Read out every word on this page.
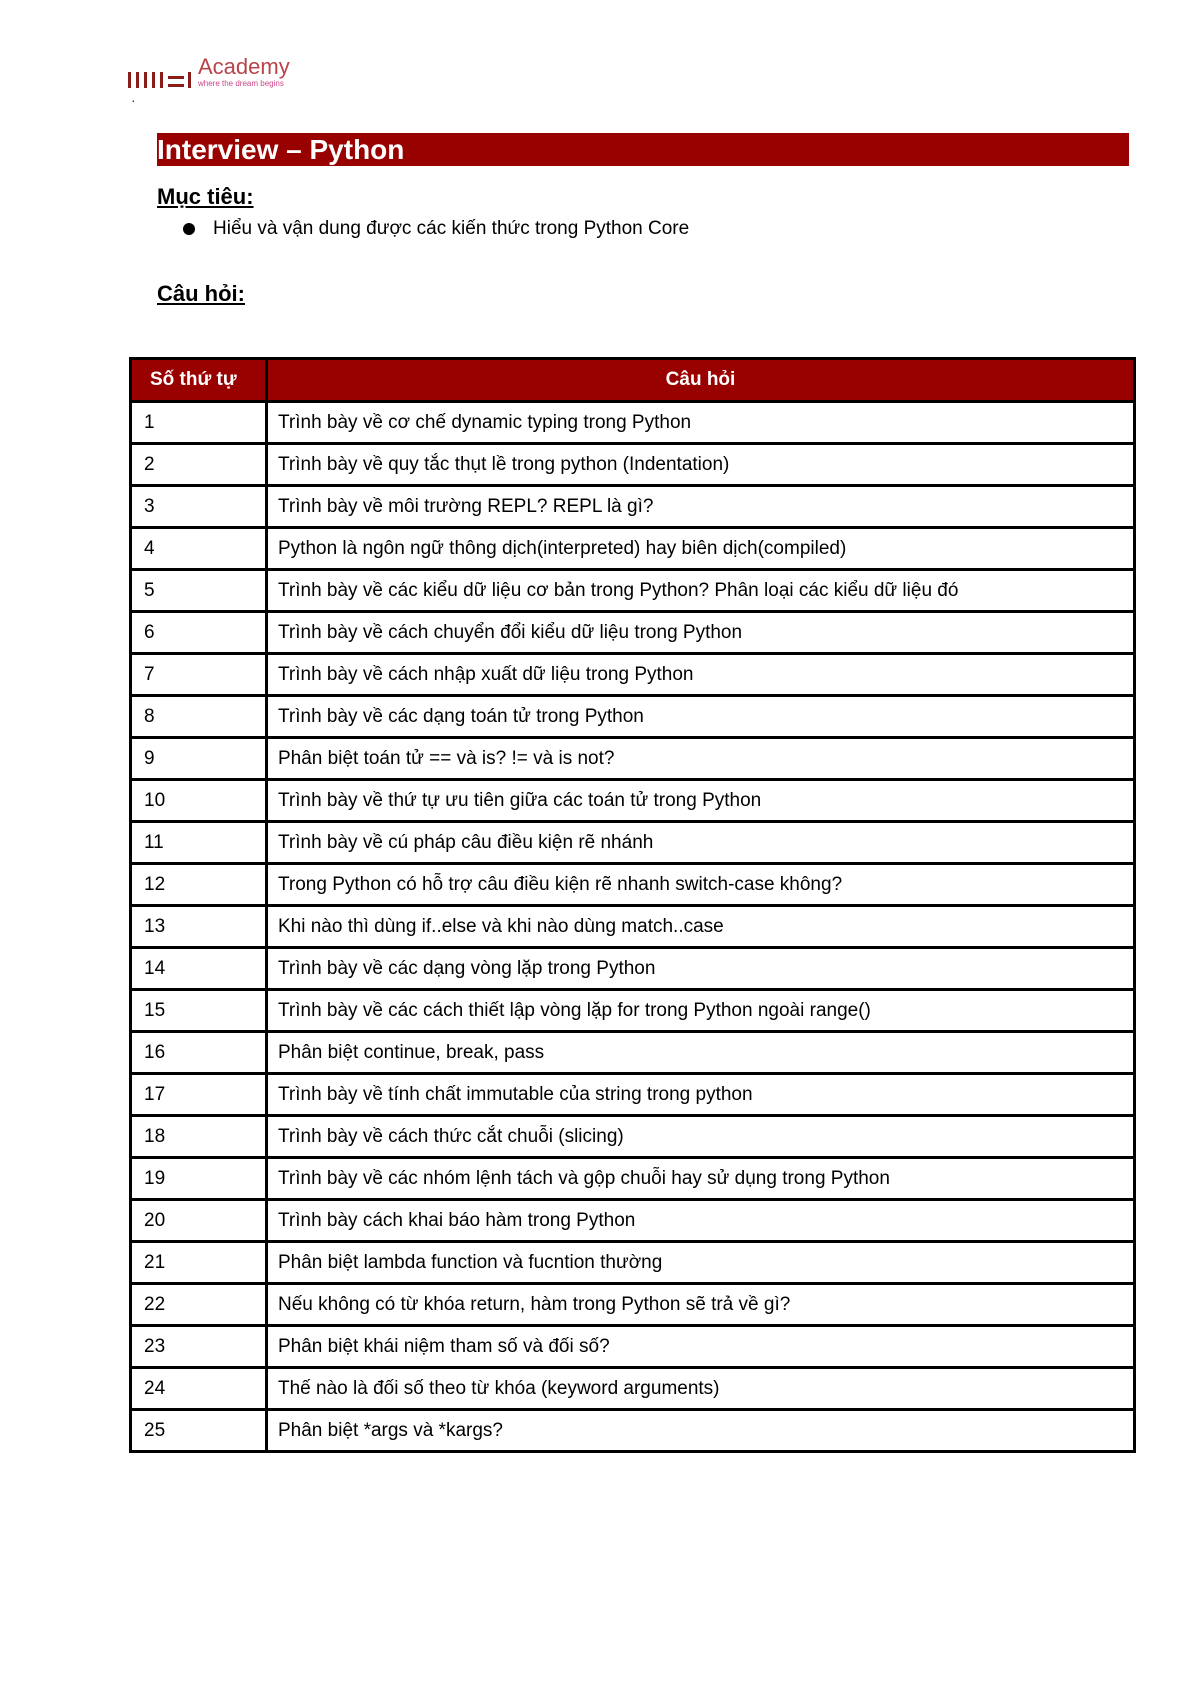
Academy
where the dream begins
·
Interview – Python
Mục tiêu:
Hiểu và vận dung được các kiến thức trong Python Core
Câu hỏi:
Số thứ tự	Câu hỏi
1	Trình bày về cơ chế dynamic typing trong Python
2	Trình bày về quy tắc thụt lề trong python (Indentation)
3	Trình bày về môi trường REPL? REPL là gì?
4	Python là ngôn ngữ thông dịch(interpreted) hay biên dịch(compiled)
5	Trình bày về các kiểu dữ liệu cơ bản trong Python? Phân loại các kiểu dữ liệu đó
6	Trình bày về cách chuyển đổi kiểu dữ liệu trong Python
7	Trình bày về cách nhập xuất dữ liệu trong Python
8	Trình bày về các dạng toán tử trong Python
9	Phân biệt toán tử == và is? != và is not?
10	Trình bày về thứ tự ưu tiên giữa các toán tử trong Python
11	Trình bày về cú pháp câu điều kiện rẽ nhánh
12	Trong Python có hỗ trợ câu điều kiện rẽ nhanh switch-case không?
13	Khi nào thì dùng if..else và khi nào dùng match..case
14	Trình bày về các dạng vòng lặp trong Python
15	Trình bày về các cách thiết lập vòng lặp for trong Python ngoài range()
16	Phân biệt continue, break, pass
17	Trình bày về tính chất immutable của string trong python
18	Trình bày về cách thức cắt chuỗi (slicing)
19	Trình bày về các nhóm lệnh tách và gộp chuỗi hay sử dụng trong Python
20	Trình bày cách khai báo hàm trong Python
21	Phân biệt lambda function và fucntion thường
22	Nếu không có từ khóa return, hàm trong Python sẽ trả về gì?
23	Phân biệt khái niệm tham số và đối số?
24	Thế nào là đối số theo từ khóa (keyword arguments)
25	Phân biệt *args và *kargs?
